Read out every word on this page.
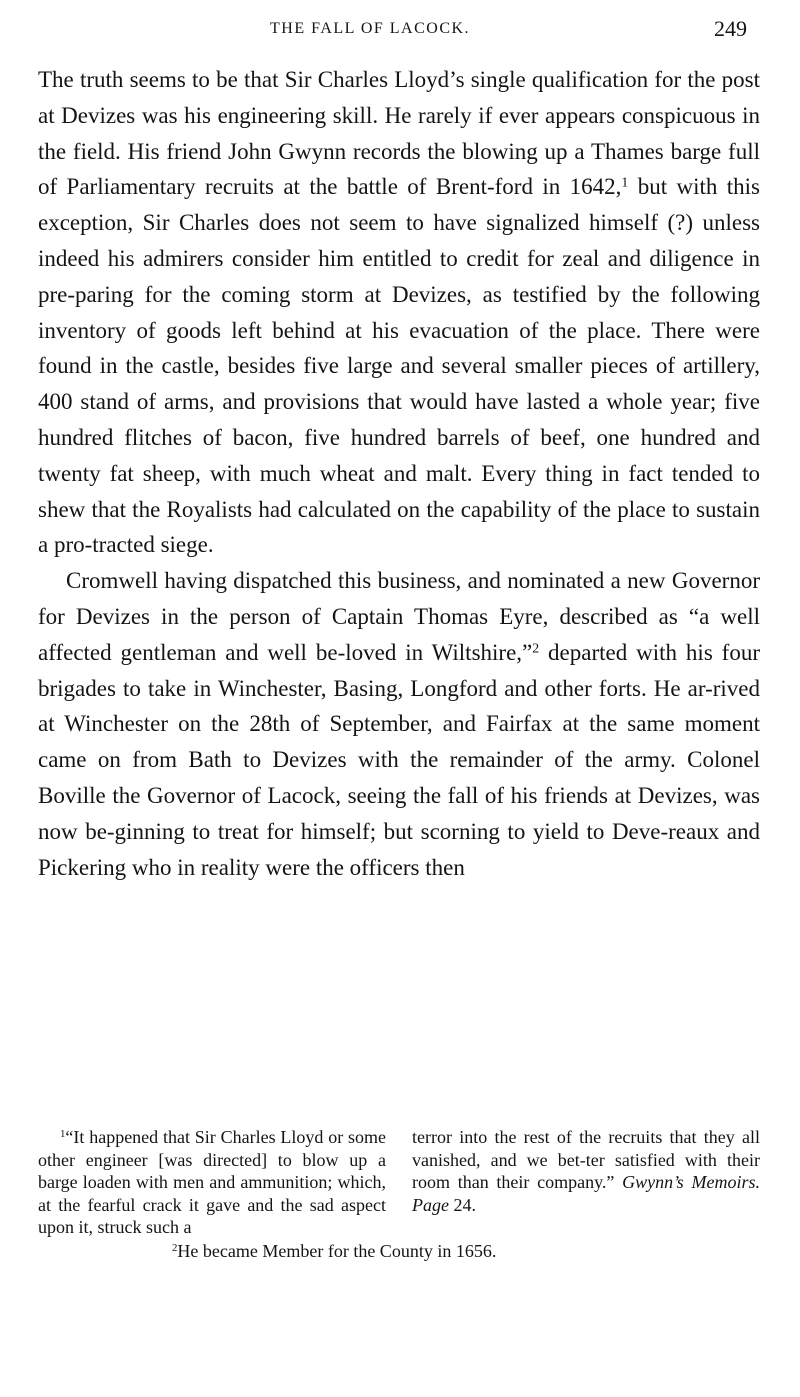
THE FALL OF LACOCK.	249

The truth seems to be that Sir Charles Lloyd’s single qualification for the post at Devizes was his engineering skill. He rarely if ever appears conspicuous in the field. His friend John Gwynn records the blowing up a Thames barge full of Parliamentary recruits at the battle of Brent-ford in 1642,$^1$ but with this exception, Sir Charles does not seem to have signalized himself (?) unless indeed his admirers consider him entitled to credit for zeal and diligence in pre-paring for the coming storm at Devizes, as testified by the following inventory of goods left behind at his evacuation of the place. There were found in the castle, besides five large and several smaller pieces of artillery, 400 stand of arms, and provisions that would have lasted a whole year; five hundred flitches of bacon, five hundred barrels of beef, one hundred and twenty fat sheep, with much wheat and malt. Every thing in fact tended to shew that the Royalists had calculated on the capability of the place to sustain a pro-tracted siege.

Cromwell having dispatched this business, and nominated a new Governor for Devizes in the person of Captain Thomas Eyre, described as “a well affected gentleman and well be-loved in Wiltshire,”$^2$ departed with his four brigades to take in Winchester, Basing, Longford and other forts. He ar-rived at Winchester on the 28th of September, and Fairfax at the same moment came on from Bath to Devizes with the remainder of the army. Colonel Boville the Governor of Lacock, seeing the fall of his friends at Devizes, was now be-ginning to treat for himself; but scorning to yield to Deve-reaux and Pickering who in reality were the officers then

$^1$“It happened that Sir Charles Lloyd or some other engineer [was directed] to blow up a barge loaden with men and ammunition; which, at the fearful crack it gave and the sad aspect upon it, struck such a

terror into the rest of the recruits that they all vanished, and we bet-ter satisfied with their room than their company.” Gwynn’s Memoirs. Page 24.

$^2$He became Member for the County in 1656.
